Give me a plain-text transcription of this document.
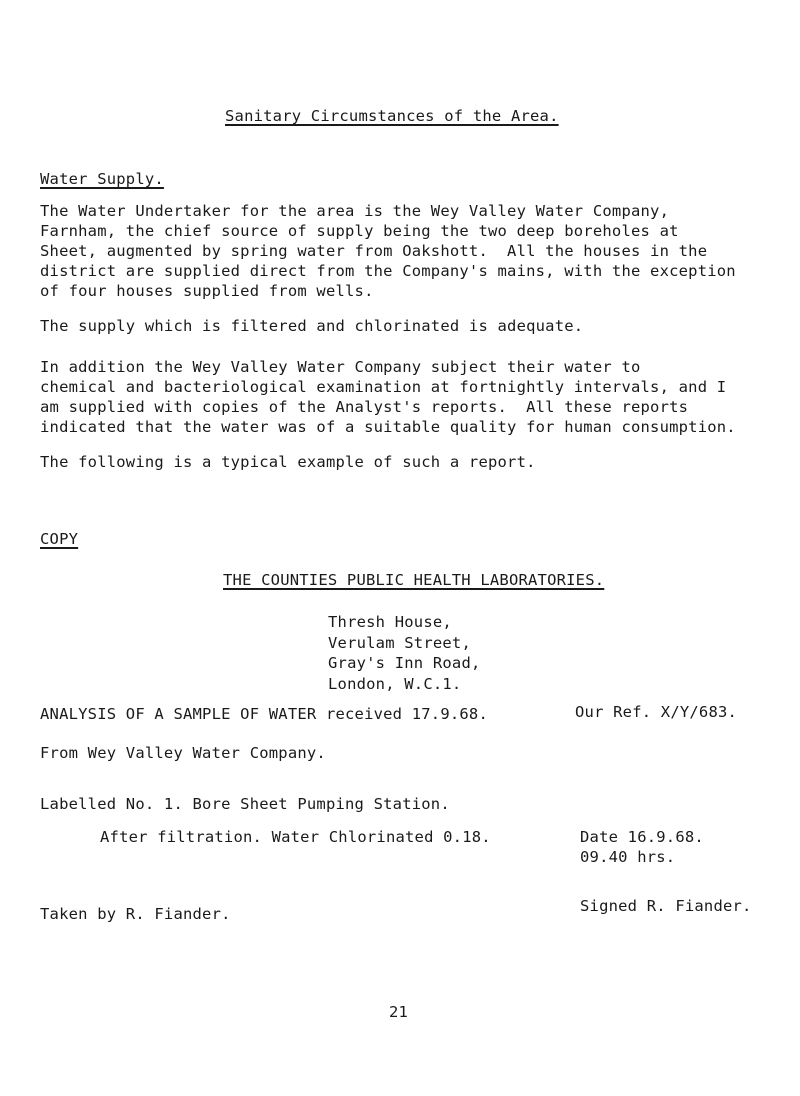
Sanitary Circumstances of the Area.
Water Supply.
The Water Undertaker for the area is the Wey Valley Water Company,
Farnham, the chief source of supply being the two deep boreholes at
Sheet, augmented by spring water from Oakshott.  All the houses in the
district are supplied direct from the Company's mains, with the exception
of four houses supplied from wells.
The supply which is filtered and chlorinated is adequate.
In addition the Wey Valley Water Company subject their water to
chemical and bacteriological examination at fortnightly intervals, and I
am supplied with copies of the Analyst's reports.  All these reports
indicated that the water was of a suitable quality for human consumption.
The following is a typical example of such a report.
COPY
THE COUNTIES PUBLIC HEALTH LABORATORIES.
Thresh House,
Verulam Street,
Gray's Inn Road,
London, W.C.1.
ANALYSIS OF A SAMPLE OF WATER received 17.9.68.	Our Ref. X/Y/683.
From Wey Valley Water Company.
Labelled No. 1. Bore Sheet Pumping Station.
After filtration. Water Chlorinated 0.18.	Date 16.9.68.
09.40 hrs.
Taken by R. Fiander.	Signed R. Fiander.
21
